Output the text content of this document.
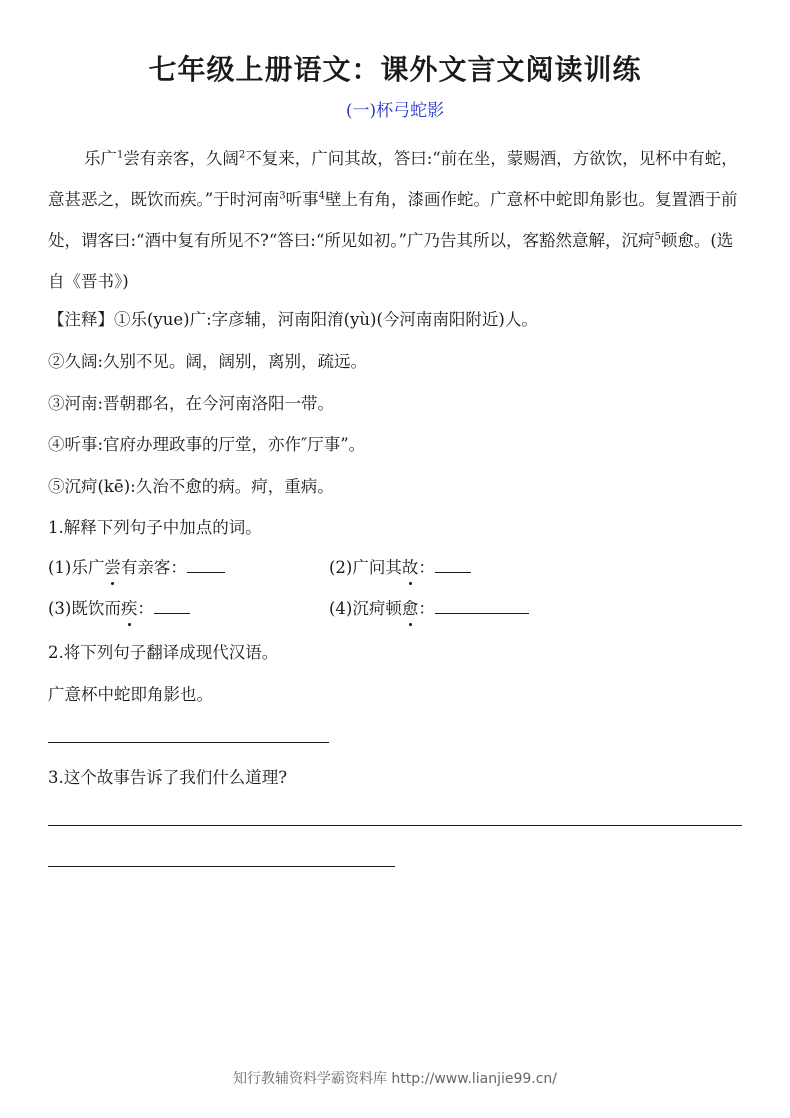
七年级上册语文：课外文言文阅读训练
(一)杯弓蛇影

乐广$^1$尝有亲客，久阔$^2$不复来，广问其故，答曰:“前在坐，蒙赐酒，方欲饮，见杯中有蛇，意甚恶之，既饮而疾。”于时河南$^3$听事$^4$壁上有角，漆画作蛇。广意杯中蛇即角影也。复置酒于前处，谓客曰:“酒中复有所见不?“答曰:“所见如初。”广乃告其所以，客豁然意解，沉疴$^5$顿愈。(选自《晋书》)

【注释】①乐(yue)广:字彦辅，河南阳淯(yù)(今河南南阳附近)人。
②久阔:久别不见。阔，阔别，离别，疏远。
③河南:晋朝郡名，在今河南洛阳一带。
④听事:官府办理政事的厅堂，亦作″厅事”。
⑤沉疴(kē):久治不愈的病。疴，重病。
1.解释下列句子中加点的词。
(1)乐广尝有亲客：	(2)广问其故：
(3)既饮而疾：	(4)沉疴顿愈：
2.将下列句子翻译成现代汉语。
广意杯中蛇即角影也。
3.这个故事告诉了我们什么道理?
知行教辅资料学霸资料库 http://www.lianjie99.cn/
